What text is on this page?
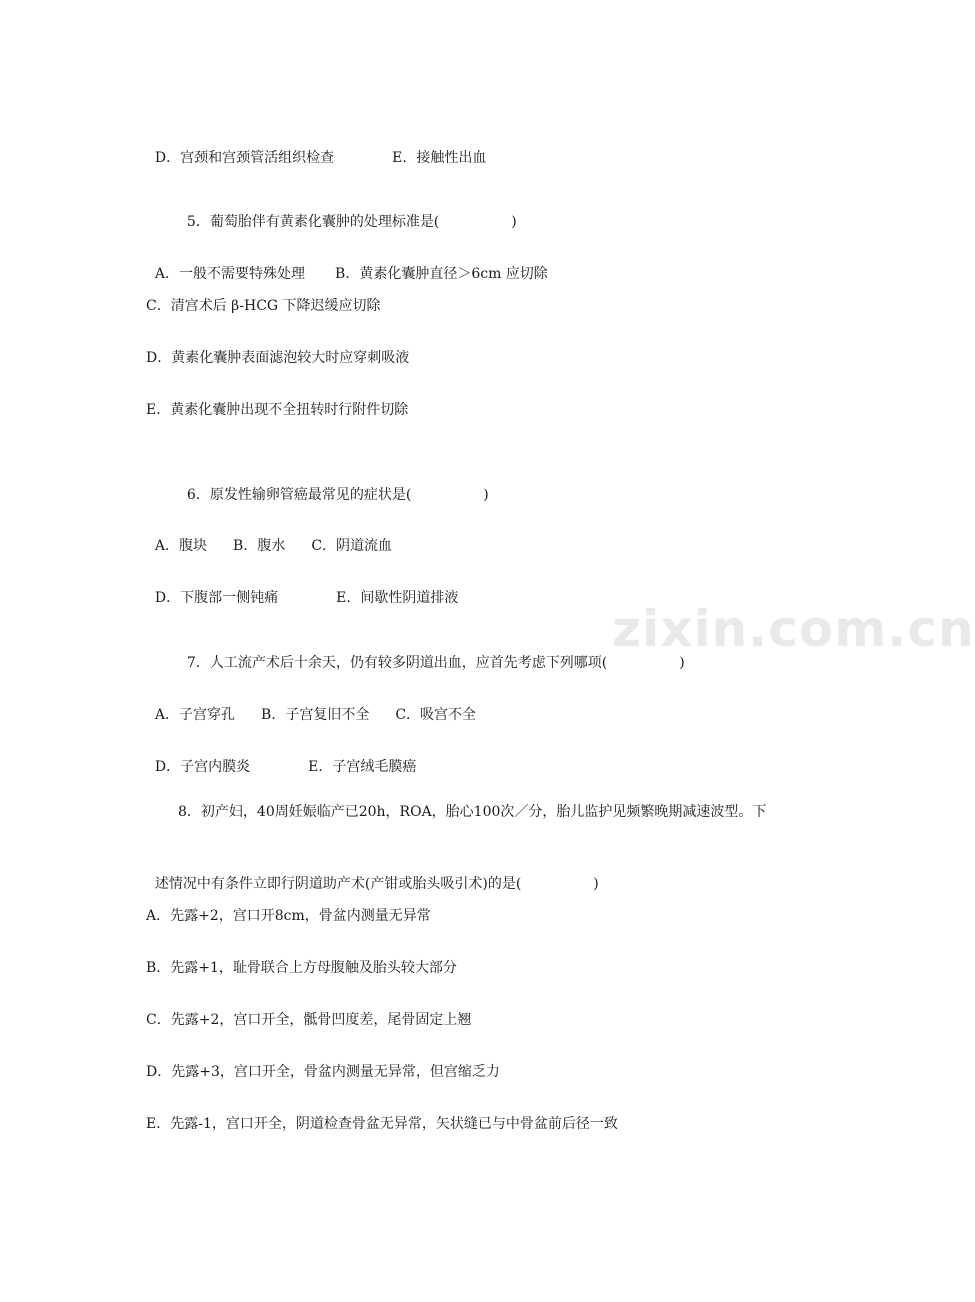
zixin.com.cn

D．宫颈和宫颈管活组织检查	E．接触性出血

5．葡萄胎伴有黄素化囊肿的处理标准是(	)

A．一般不需要特殊处理 B．黄素化囊肿直径＞6cm 应切除

C．清宫术后 β-HCG 下降迟缓应切除
D．黄素化囊肿表面滤泡较大时应穿刺吸液
E．黄素化囊肿出现不全扭转时行附件切除

6．原发性输卵管癌最常见的症状是(	)

A．腹块 B．腹水 C．阴道流血

D．下腹部一侧钝痛	E．间歇性阴道排液

7．人工流产术后十余天，仍有较多阴道出血，应首先考虑下列哪项(	)

A．子宫穿孔 B．子宫复旧不全 C．吸宫不全

D．子宫内膜炎	E．子宫绒毛膜癌

8．初产妇，40周妊娠临产已20h，ROA，胎心100次／分，胎儿监护见频繁晚期减速波型。下

述情况中有条件立即行阴道助产术(产钳或胎头吸引术)的是(	)

A．先露+2，宫口开8cm，骨盆内测量无异常
B．先露+1，耻骨联合上方母腹触及胎头较大部分
C．先露+2，宫口开全，骶骨凹度差，尾骨固定上翘
D．先露+3，宫口开全，骨盆内测量无异常，但宫缩乏力
E．先露-1，宫口开全，阴道检查骨盆无异常，矢状缝已与中骨盆前后径一致
